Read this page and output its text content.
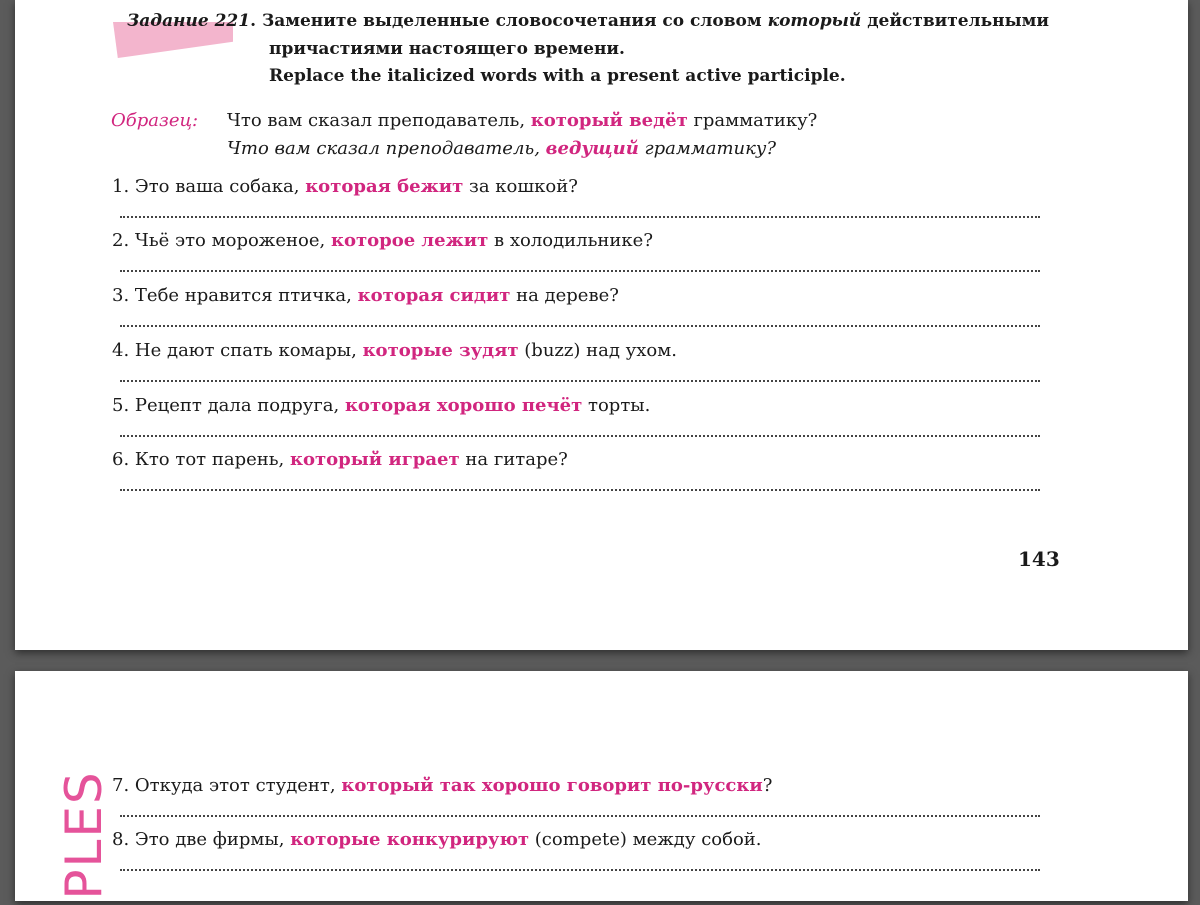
Задание 221. Замените выделенные словосочетания со словом который действительными
причастиями настоящего времени.
Replace the italicized words with a present active participle.
Образец: Что вам сказал преподаватель, который ведёт грамматику?
Что вам сказал преподаватель, ведущий грамматику?
1. Это ваша собака, которая бежит за кошкой?
2. Чьё это мороженое, которое лежит в холодильнике?
3. Тебе нравится птичка, которая сидит на дереве?
4. Не дают спать комары, которые зудят (buzz) над ухом.
5. Рецепт дала подруга, которая хорошо печёт торты.
6. Кто тот парень, который играет на гитаре?
143
PLES 7. Откуда этот студент, который так хорошо говорит по-русски?
8. Это две фирмы, которые конкурируют (compete) между собой.
